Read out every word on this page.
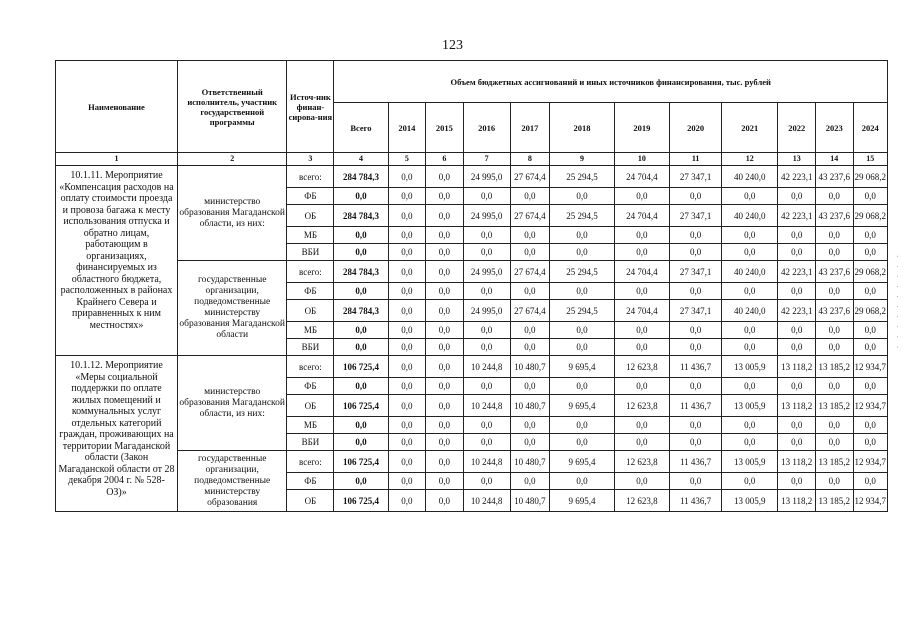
123
Наименование	Ответственный исполнитель, участник государственной программы	Источ-ник финан-сирова-ния	Объем бюджетных ассигнований и иных источников финансирования, тыс. рублей											
			Всего	2014	2015	2016	2017	2018	2019	2020	2021	2022	2023	2024
1	2	3	4	5	6	7	8	9	10	11	12	13	14	15
10.1.11. Мероприятие «Компенсация расходов на оплату стоимости проезда и провоза багажа к месту использования отпуска и обратно лицам, работающим в организациях, финансируемых из областного бюджета, расположенных в районах Крайнего Севера и приравненных к ним местностях»	министерство образования Магаданской области, из них:	всего:	284 784,3	0,0	0,0	24 995,0	27 674,4	25 294,5	24 704,4	27 347,1	40 240,0	42 223,1	43 237,6	29 068,2
		ФБ	0,0	0,0	0,0	0,0	0,0	0,0	0,0	0,0	0,0	0,0	0,0	0,0
		ОБ	284 784,3	0,0	0,0	24 995,0	27 674,4	25 294,5	24 704,4	27 347,1	40 240,0	42 223,1	43 237,6	29 068,2
		МБ	0,0	0,0	0,0	0,0	0,0	0,0	0,0	0,0	0,0	0,0	0,0	0,0
		ВБИ	0,0	0,0	0,0	0,0	0,0	0,0	0,0	0,0	0,0	0,0	0,0	0,0
	государственные организации, подведомственные министерству образования Магаданской области	всего:	284 784,3	0,0	0,0	24 995,0	27 674,4	25 294,5	24 704,4	27 347,1	40 240,0	42 223,1	43 237,6	29 068,2
		ФБ	0,0	0,0	0,0	0,0	0,0	0,0	0,0	0,0	0,0	0,0	0,0	0,0
		ОБ	284 784,3	0,0	0,0	24 995,0	27 674,4	25 294,5	24 704,4	27 347,1	40 240,0	42 223,1	43 237,6	29 068,2
		МБ	0,0	0,0	0,0	0,0	0,0	0,0	0,0	0,0	0,0	0,0	0,0	0,0
		ВБИ	0,0	0,0	0,0	0,0	0,0	0,0	0,0	0,0	0,0	0,0	0,0	0,0
10.1.12. Мероприятие «Меры социальной поддержки по оплате жилых помещений и коммунальных услуг отдельных категорий граждан, проживающих на территории Магаданской области (Закон Магаданской области от 28 декабря 2004 г. № 528-ОЗ)»	министерство образования Магаданской области, из них:	всего:	106 725,4	0,0	0,0	10 244,8	10 480,7	9 695,4	12 623,8	11 436,7	13 005,9	13 118,2	13 185,2	12 934,7
		ФБ	0,0	0,0	0,0	0,0	0,0	0,0	0,0	0,0	0,0	0,0	0,0	0,0
		ОБ	106 725,4	0,0	0,0	10 244,8	10 480,7	9 695,4	12 623,8	11 436,7	13 005,9	13 118,2	13 185,2	12 934,7
		МБ	0,0	0,0	0,0	0,0	0,0	0,0	0,0	0,0	0,0	0,0	0,0	0,0
		ВБИ	0,0	0,0	0,0	0,0	0,0	0,0	0,0	0,0	0,0	0,0	0,0	0,0
	государственные организации, подведомственные министерству образования	всего:	106 725,4	0,0	0,0	10 244,8	10 480,7	9 695,4	12 623,8	11 436,7	13 005,9	13 118,2	13 185,2	12 934,7
		ФБ	0,0	0,0	0,0	0,0	0,0	0,0	0,0	0,0	0,0	0,0	0,0	0,0
		ОБ	106 725,4	0,0	0,0	10 244,8	10 480,7	9 695,4	12 623,8	11 436,7	13 005,9	13 118,2	13 185,2	12 934,7
· · · · · · · · · ·
